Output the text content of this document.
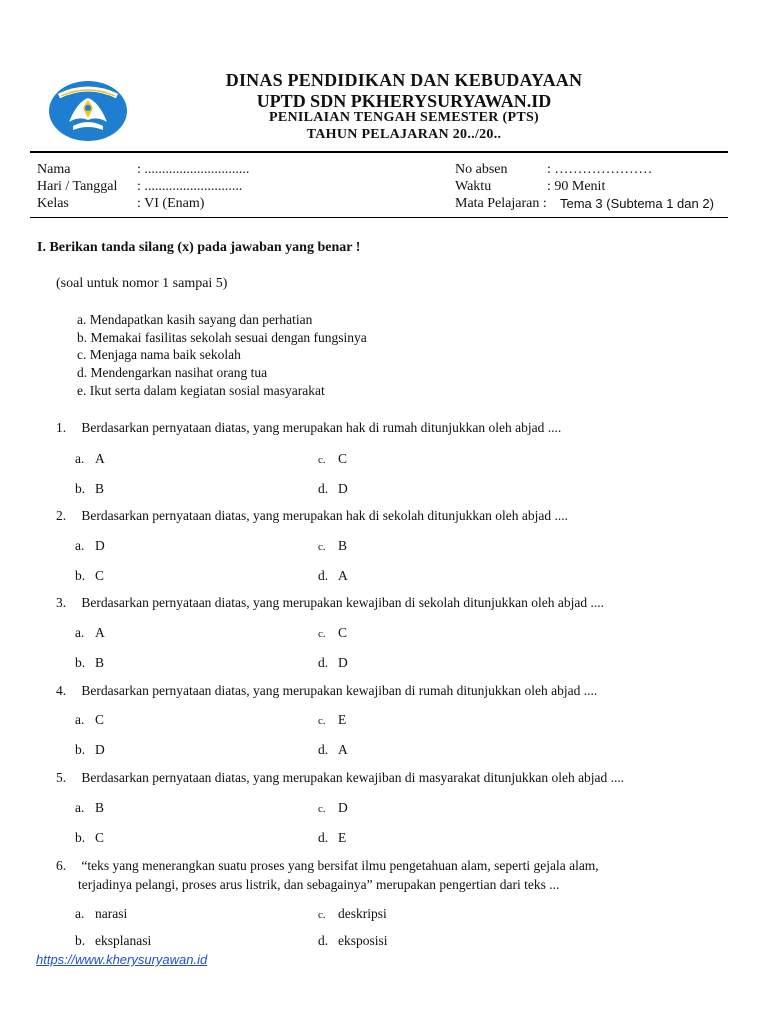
DINAS PENDIDIKAN DAN KEBUDAYAAN
UPTD SDN PKHERYSURYAWAN.ID
PENILAIAN TENGAH SEMESTER (PTS)
TAHUN PELAJARAN 20../20..
Nama	: ..............................
Hari / Tanggal : ............................
Kelas	: VI (Enam)
No absen	: …………………
Waktu	: 90 Menit
Mata Pelajaran : Tema 3 (Subtema 1 dan 2)
I. Berikan tanda silang (x) pada jawaban yang benar !
(soal untuk nomor 1 sampai 5)
a. Mendapatkan kasih sayang dan perhatian
b. Memakai fasilitas sekolah sesuai dengan fungsinya
c. Menjaga nama baik sekolah
d. Mendengarkan nasihat orang tua
e. Ikut serta dalam kegiatan sosial masyarakat
1. Berdasarkan pernyataan diatas, yang merupakan hak di rumah ditunjukkan oleh abjad ....
a. A	c. C
b. B	d. D
2. Berdasarkan pernyataan diatas, yang merupakan hak di sekolah ditunjukkan oleh abjad ....
a. D	c. B
b. C	d. A
3. Berdasarkan pernyataan diatas, yang merupakan kewajiban di sekolah ditunjukkan oleh abjad ....
a. A	c. C
b. B	d. D
4. Berdasarkan pernyataan diatas, yang merupakan kewajiban di rumah ditunjukkan oleh abjad ....
a. C	c. E
b. D	d. A
5. Berdasarkan pernyataan diatas, yang merupakan kewajiban di masyarakat ditunjukkan oleh abjad ....
a. B	c. D
b. C	d. E
6. “teks yang menerangkan suatu proses yang bersifat ilmu pengetahuan alam, seperti gejala alam,
terjadinya pelangi, proses arus listrik, dan sebagainya” merupakan pengertian dari teks ...
a. narasi	c. deskripsi
b. eksplanasi	d. eksposisi
https://www.kherysuryawan.id
